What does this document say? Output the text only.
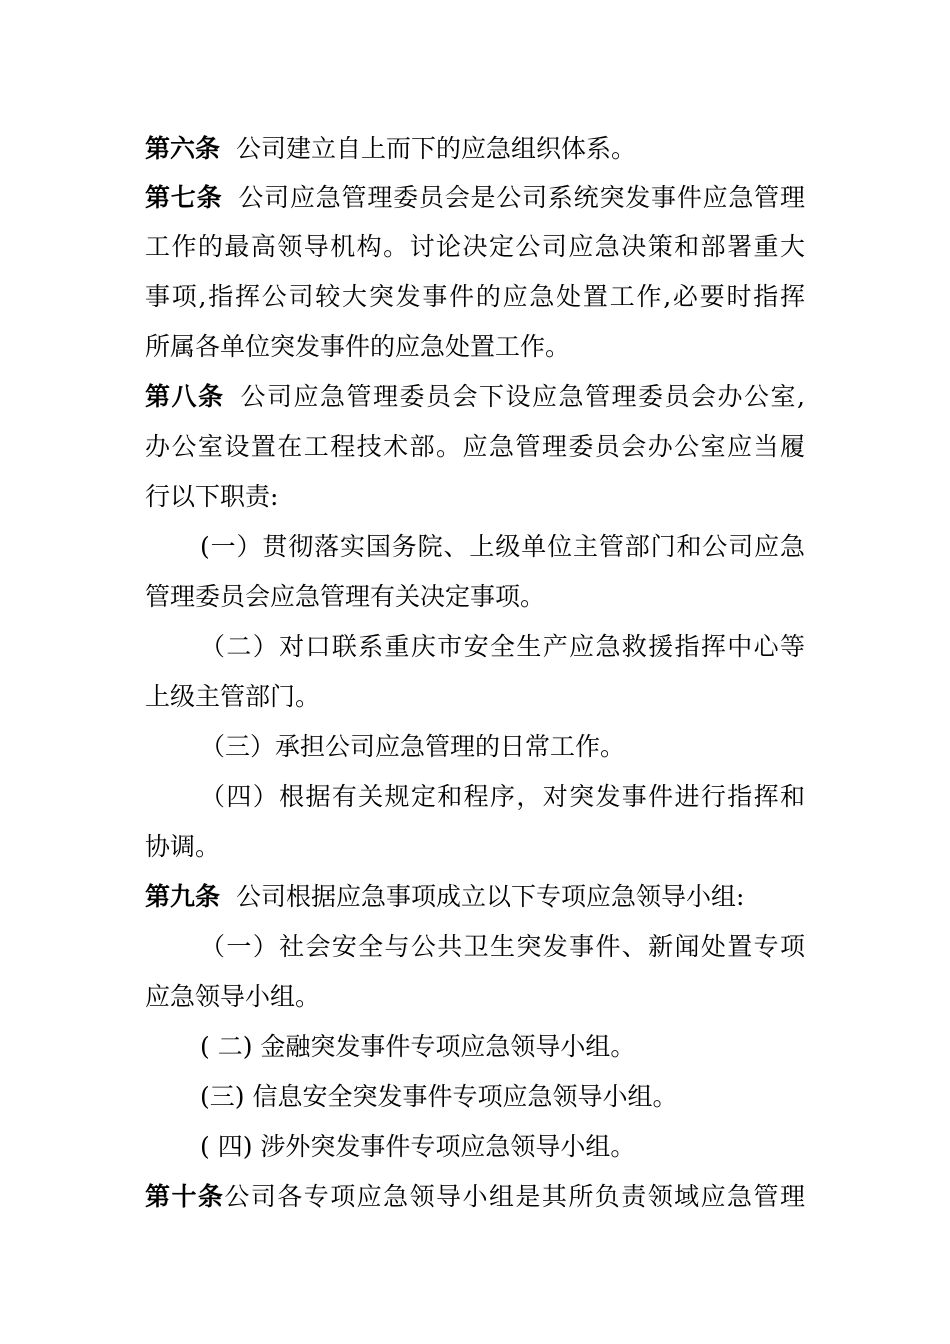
第六条 公司建立自上而下的应急组织体系。
第七条 公司应急管理委员会是公司系统突发事件应急管理
工作的最高领导机构。讨论决定公司应急决策和部署重大
事项,指挥公司较大突发事件的应急处置工作,必要时指挥
所属各单位突发事件的应急处置工作。
第八条 公司应急管理委员会下设应急管理委员会办公室,
办公室设置在工程技术部。应急管理委员会办公室应当履
行以下职责:
(一）贯彻落实国务院、上级单位主管部门和公司应急
管理委员会应急管理有关决定事项。
（二）对口联系重庆市安全生产应急救援指挥中心等
上级主管部门。
（三）承担公司应急管理的日常工作。
（四）根据有关规定和程序，对突发事件进行指挥和
协调。
第九条 公司根据应急事项成立以下专项应急领导小组:
（一）社会安全与公共卫生突发事件、新闻处置专项
应急领导小组。
( 二) 金融突发事件专项应急领导小组。
(三) 信息安全突发事件专项应急领导小组。
( 四) 涉外突发事件专项应急领导小组。
第十条公司各专项应急领导小组是其所负责领域应急管理
